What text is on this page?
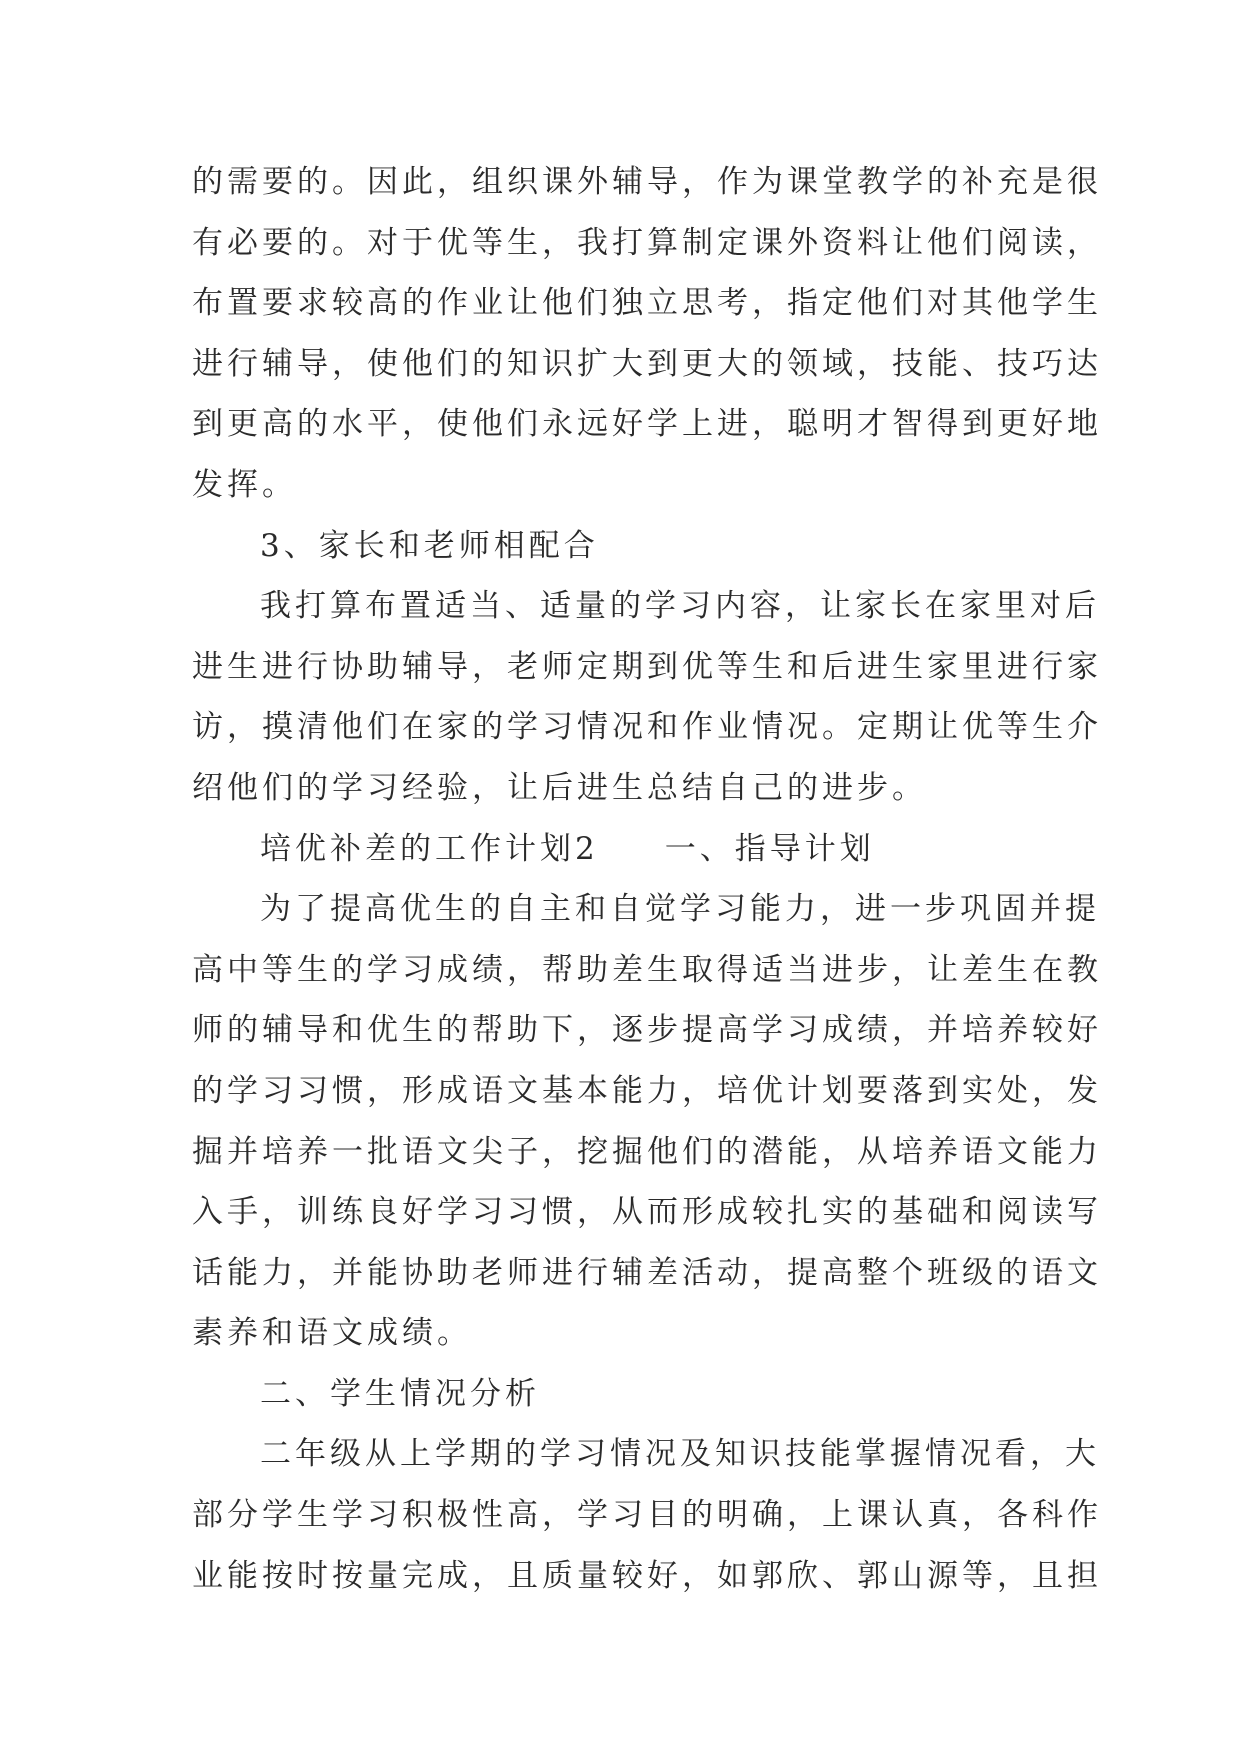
的需要的。因此，组织课外辅导，作为课堂教学的补充是很
有必要的。对于优等生，我打算制定课外资料让他们阅读，
布置要求较高的作业让他们独立思考，指定他们对其他学生
进行辅导，使他们的知识扩大到更大的领域，技能、技巧达
到更高的水平，使他们永远好学上进，聪明才智得到更好地
发挥。
3、家长和老师相配合
我打算布置适当、适量的学习内容，让家长在家里对后
进生进行协助辅导，老师定期到优等生和后进生家里进行家
访，摸清他们在家的学习情况和作业情况。定期让优等生介
绍他们的学习经验，让后进生总结自己的进步。
培优补差的工作计划2 一、指导计划
为了提高优生的自主和自觉学习能力，进一步巩固并提
高中等生的学习成绩，帮助差生取得适当进步，让差生在教
师的辅导和优生的帮助下，逐步提高学习成绩，并培养较好
的学习习惯，形成语文基本能力，培优计划要落到实处，发
掘并培养一批语文尖子，挖掘他们的潜能，从培养语文能力
入手，训练良好学习习惯，从而形成较扎实的基础和阅读写
话能力，并能协助老师进行辅差活动，提高整个班级的语文
素养和语文成绩。
二、学生情况分析
二年级从上学期的学习情况及知识技能掌握情况看，大
部分学生学习积极性高，学习目的明确，上课认真，各科作
业能按时按量完成，且质量较好，如郭欣、郭山源等，且担
